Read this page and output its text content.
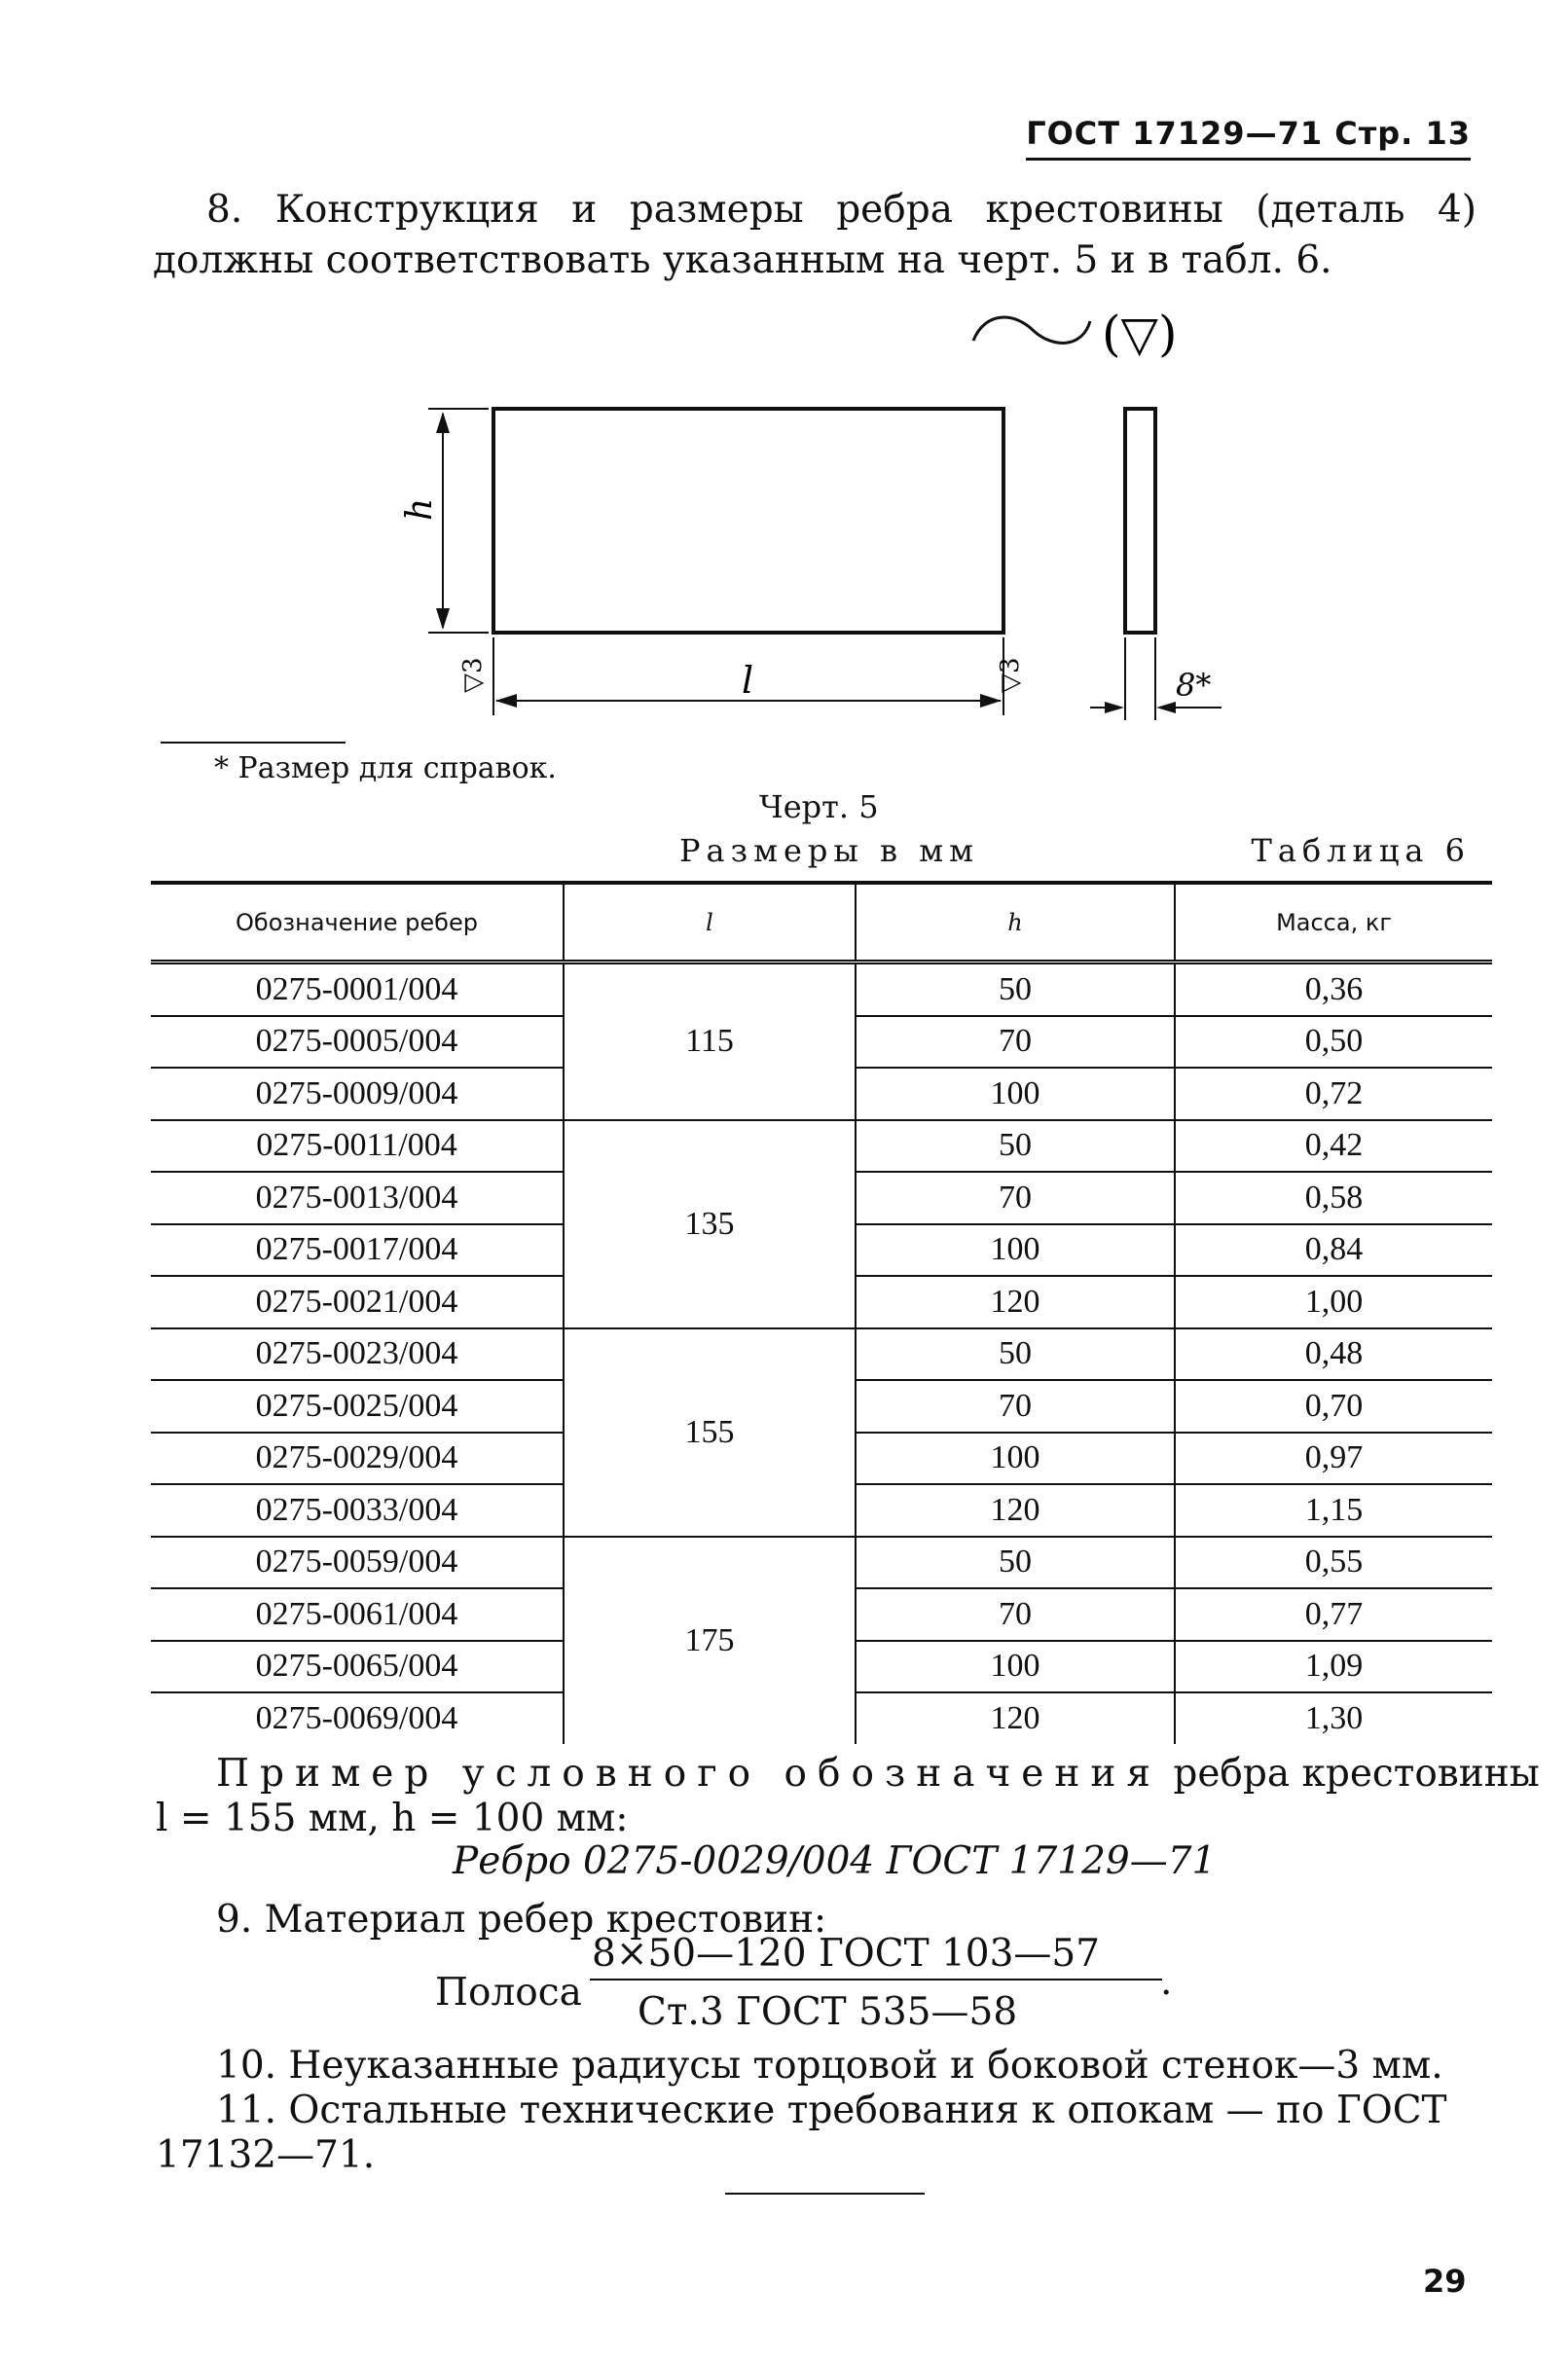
ГОСТ 17129—71 Стр. 13
8. Конструкция и размеры ребра крестовины (деталь 4) должны соответствовать указанным на черт. 5 и в табл. 6.
(▽)
h
l
▽3	▽3	8*
* Размер для справок.
Черт. 5
Размеры в мм	Таблица 6
Обозначение ребер	l	h	Масса, кг
0275-0001/004	115	50	0,36
0275-0005/004		70	0,50
0275-0009/004		100	0,72
0275-0011/004	135	50	0,42
0275-0013/004		70	0,58
0275-0017/004		100	0,84
0275-0021/004		120	1,00
0275-0023/004	155	50	0,48
0275-0025/004		70	0,70
0275-0029/004		100	0,97
0275-0033/004		120	1,15
0275-0059/004	175	50	0,55
0275-0061/004		70	0,77
0275-0065/004		100	1,09
0275-0069/004		120	1,30
Пример условного обозначения ребра крестовины
l = 155 мм, h = 100 мм:
Ребро 0275-0029/004 ГОСТ 17129—71
9. Материал ребер крестовин:
Полоса
8×50—120 ГОСТ 103—57
.
Ст.3 ГОСТ 535—58
10. Неуказанные радиусы торцовой и боковой стенок—3 мм.
11. Остальные технические требования к опокам — по ГОСТ
17132—71.
29
